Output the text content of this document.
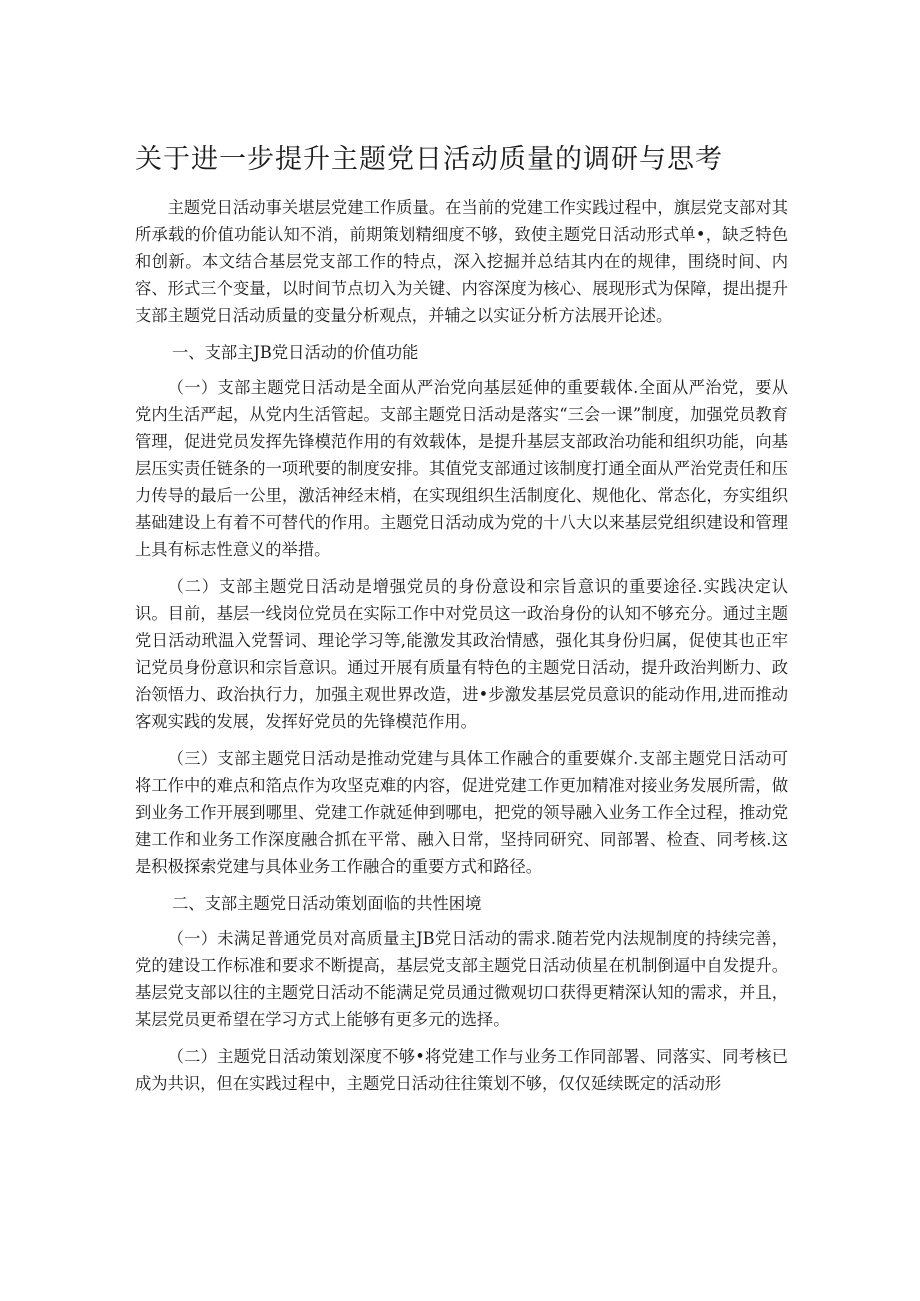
关于进一步提升主题党日活动质量的调研与思考

主题党日活动事关堪层党建工作质量。在当前的党建工作实践过程中，旗层党支部对其所承载的价值功能认知不消，前期策划精细度不够，致使主题党日活动形式单•，缺乏特色和创新。本文结合基层党支部工作的特点，深入挖掘并总结其内在的规律，围绕时间、内容、形式三个变量，以时间节点切入为关键、内容深度为核心、展现形式为保障，提出提升支部主题党日活动质量的变量分析观点，并辅之以实证分析方法展开论述。

一、支部主JB党日活动的价值功能

（一）支部主题党日活动是全面从严治党向基层延伸的重要载体.全面从严治党，要从党内生活严起，从党内生活管起。支部主题党日活动是落实“三会一课”制度，加强党员教育管理，促进党员发挥先锋模范作用的有效载体，是提升基层支部政治功能和组织功能，向基层压实责任链条的一项玳要的制度安排。其值党支部通过该制度打通全面从严治党责任和压力传导的最后一公里，激活神经末梢，在实现组织生活制度化、规他化、常态化，夯实组织基础建设上有着不可替代的作用。主题党日活动成为党的十八大以来基层党组织建设和管理上具有标志性意义的举措。

（二）支部主题党日活动是增强党员的身份意设和宗旨意识的重要途径.实践决定认识。目前，基层一线岗位党员在实际工作中对党员这一政治身份的认知不够充分。通过主题党日活动玳温入党誓词、理论学习等,能激发其政治情感，强化其身份归属，促使其也正牢记党员身份意识和宗旨意识。通过开展有质量有特色的主题党日活动，提升政治判断力、政治领悟力、政治执行力，加强主观世界改造，进•步激发基层党员意识的能动作用,进而推动客观实践的发展，发挥好党员的先锋模范作用。

（三）支部主题党日活动是推动党建与具体工作融合的重要媒介.支部主题党日活动可将工作中的难点和箔点作为攻坚克难的内容，促进党建工作更加精准对接业务发展所需，做到业务工作开展到哪里、党建工作就延伸到哪电，把党的领导融入业务工作全过程，推动党建工作和业务工作深度融合抓在平常、融入日常，坚持同研究、同部署、检查、同考核.这是积极探索党建与具体业务工作融合的重要方式和路径。

二、支部主题党日活动策划面临的共性困境

（一）未满足普通党员对高质量主JB党日活动的需求.随若党内法规制度的持续完善，党的建设工作标准和要求不断提高，基层党支部主题党日活动侦星在机制倒逼中自发提升。基层党支部以往的主题党日活动不能满足党员通过微观切口获得更精深认知的需求，并且，某层党员更希望在学习方式上能够有更多元的选择。

（二）主题党日活动策划深度不够•将党建工作与业务工作同部署、同落实、同考核已成为共识，但在实践过程中，主题党日活动往往策划不够，仅仅延续既定的活动形
